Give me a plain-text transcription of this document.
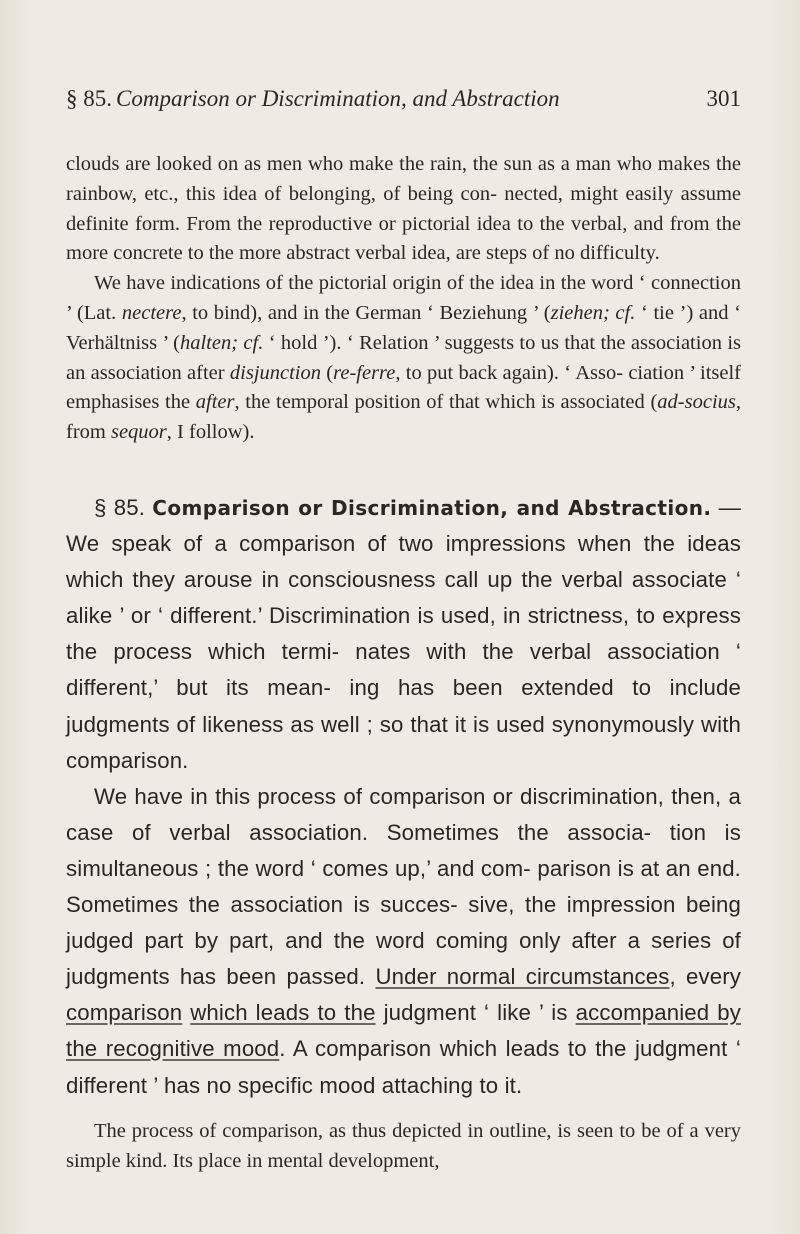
§ 85. Comparison or Discrimination, and Abstraction	301

clouds are looked on as men who make the rain, the sun as a man who makes the rainbow, etc., this idea of belonging, of being con- nected, might easily assume definite form. From the reproductive or pictorial idea to the verbal, and from the more concrete to the more abstract verbal idea, are steps of no difficulty.

We have indications of the pictorial origin of the idea in the word ‘ connection ’ (Lat. nectere, to bind), and in the German ‘ Beziehung ’ (ziehen; cf. ‘ tie ’) and ‘ Verhältniss ’ (halten; cf. ‘ hold ’). ‘ Relation ’ suggests to us that the association is an association after disjunction (re-ferre, to put back again). ‘ Asso- ciation ’ itself emphasises the after, the temporal position of that which is associated (ad-socius, from sequor, I follow).

§ 85. Comparison or Discrimination, and Abstraction. — We speak of a comparison of two impressions when the ideas which they arouse in consciousness call up the verbal associate ‘ alike ’ or ‘ different.’ Discrimination is used, in strictness, to express the process which termi- nates with the verbal association ‘ different,’ but its mean- ing has been extended to include judgments of likeness as well ; so that it is used synonymously with comparison.

We have in this process of comparison or discrimination, then, a case of verbal association. Sometimes the associa- tion is simultaneous ; the word ‘ comes up,’ and com- parison is at an end. Sometimes the association is succes- sive, the impression being judged part by part, and the word coming only after a series of judgments has been passed. Under normal circumstances, every comparison which leads to the judgment ‘ like ’ is accompanied by the recognitive mood. A comparison which leads to the judgment ‘ different ’ has no specific mood attaching to it.

The process of comparison, as thus depicted in outline, is seen to be of a very simple kind. Its place in mental development,
